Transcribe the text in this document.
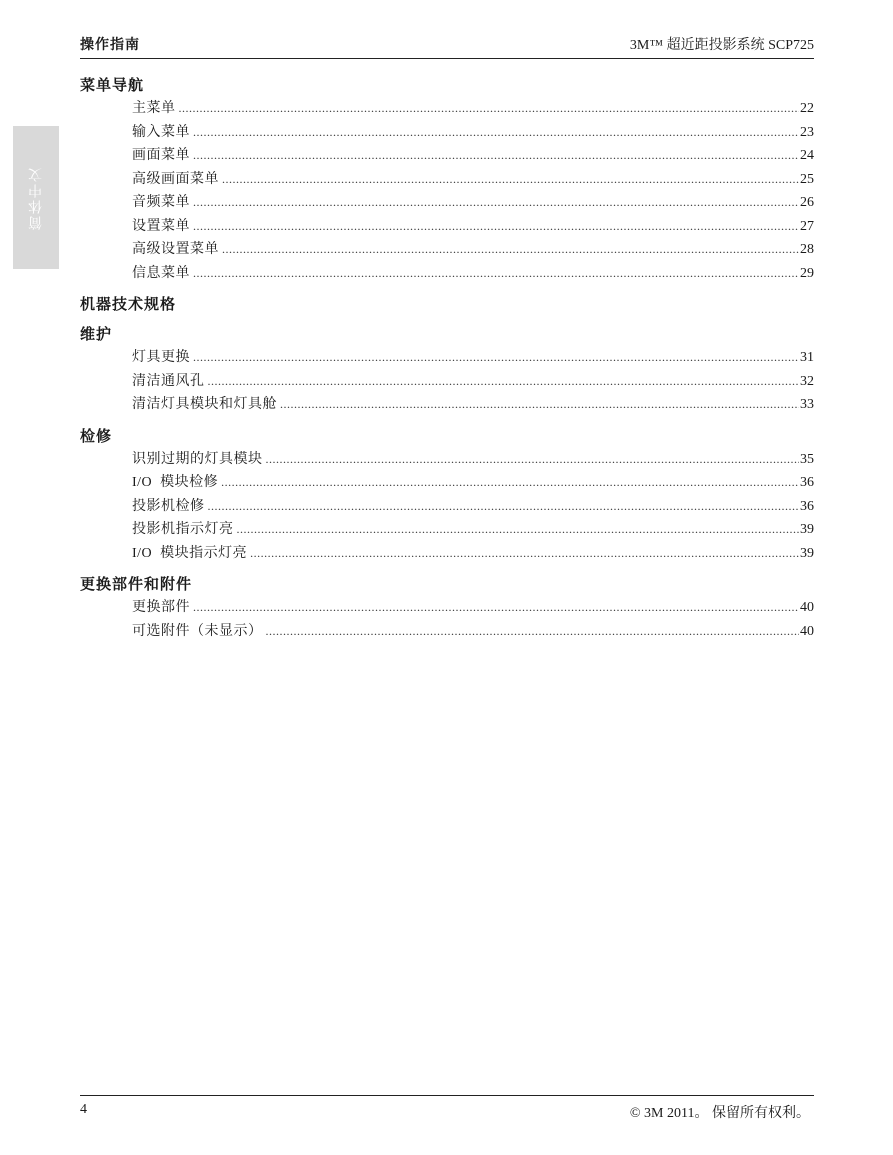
操作指南	3M™ 超近距投影系统 SCP725
简体中文
菜单导航
主菜单 .....	22
输入菜单 .....	23
画面菜单 .....	24
高级画面菜单 .....	25
音频菜单 .....	26
设置菜单 .....	27
高级设置菜单 .....	28
信息菜单 .....	29
机器技术规格
维护
灯具更换 .....	31
清洁通风孔 .....	32
清洁灯具模块和灯具舱 .....	33
检修
识别过期的灯具模块 .....	35
I/O  模块检修 .....	36
投影机检修 .....	36
投影机指示灯亮 .....	39
I/O  模块指示灯亮 .....	39
更换部件和附件
更换部件 .....	40
可选附件（未显示） .....	40
4	© 3M 2011。 保留所有权利。
